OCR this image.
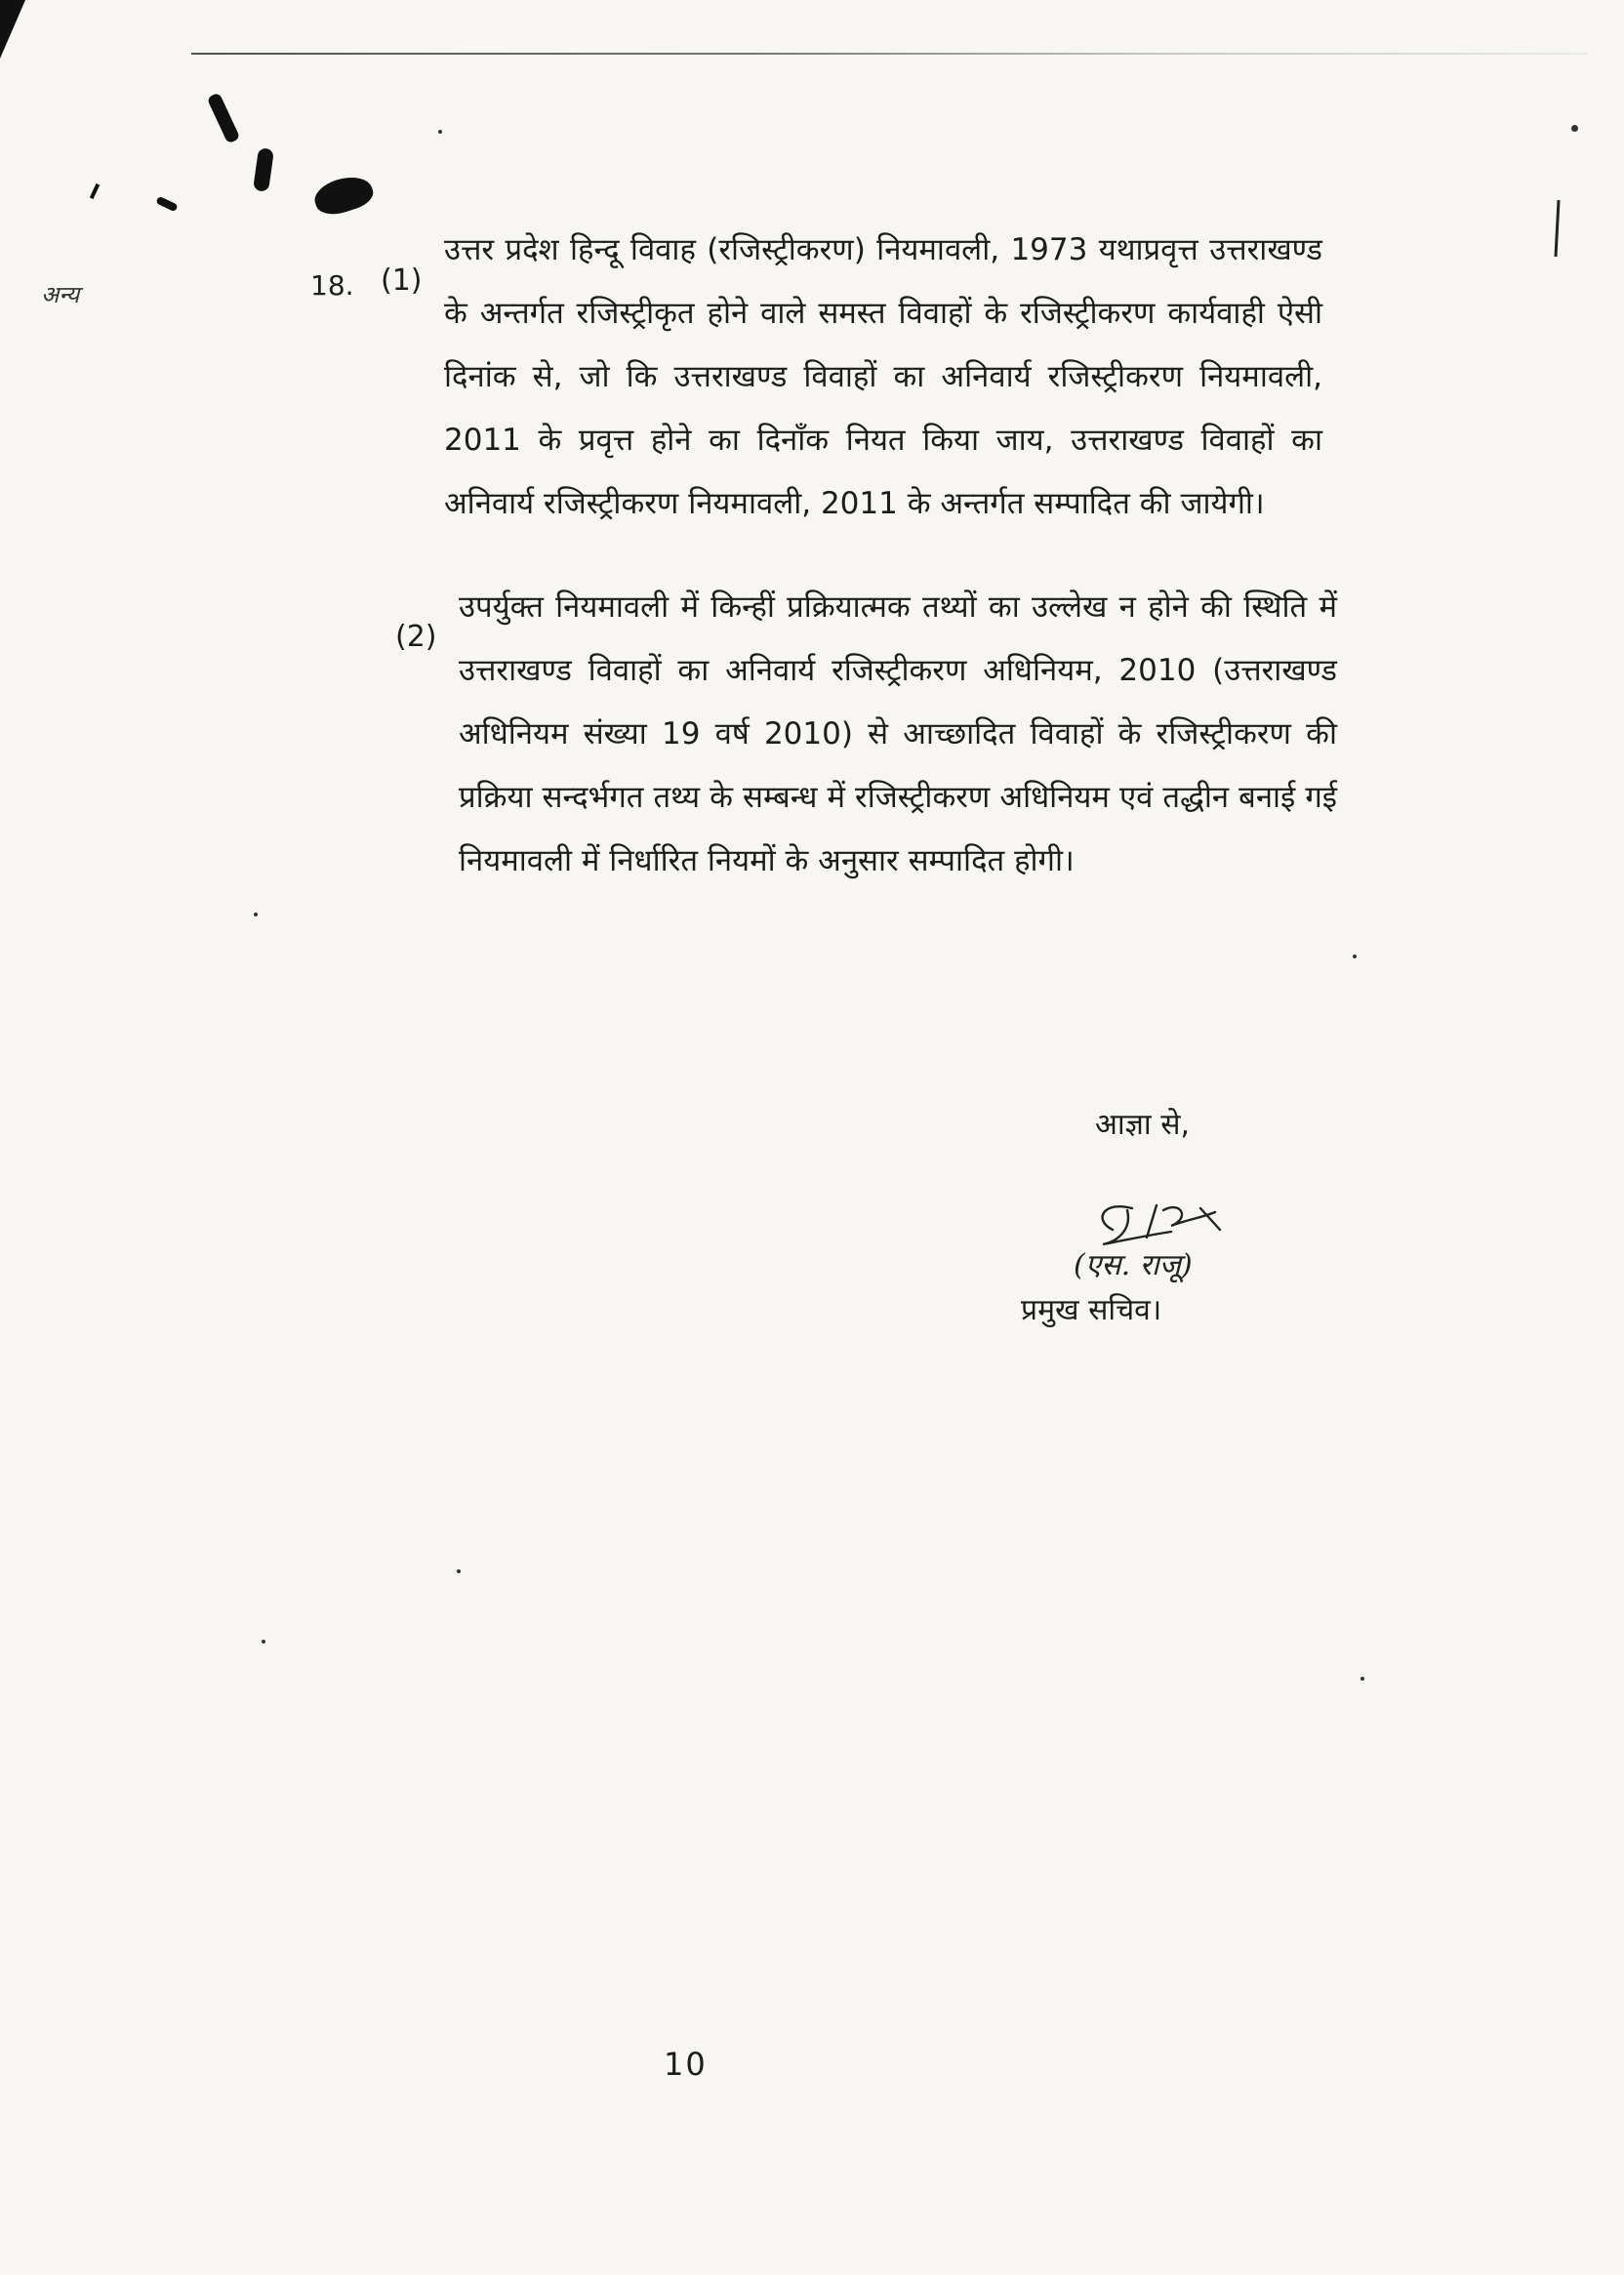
अन्य	18. (1)
उत्तर प्रदेश हिन्दू विवाह (रजिस्ट्रीकरण) नियमावली, 1973 यथाप्रवृत्त उत्तराखण्ड के अन्तर्गत रजिस्ट्रीकृत होने वाले समस्त विवाहों के रजिस्ट्रीकरण कार्यवाही ऐसी दिनांक से, जो कि उत्तराखण्ड विवाहों का अनिवार्य रजिस्ट्रीकरण नियमावली, 2011 के प्रवृत्त होने का दिनाँक नियत किया जाय, उत्तराखण्ड विवाहों का अनिवार्य रजिस्ट्रीकरण नियमावली, 2011 के अन्तर्गत सम्पादित की जायेगी।
(2)
उपर्युक्त नियमावली में किन्हीं प्रक्रियात्मक तथ्यों का उल्लेख न होने की स्थिति में उत्तराखण्ड विवाहों का अनिवार्य रजिस्ट्रीकरण अधिनियम, 2010 (उत्तराखण्ड अधिनियम संख्या 19 वर्ष 2010) से आच्छादित विवाहों के रजिस्ट्रीकरण की प्रक्रिया सन्दर्भगत तथ्य के सम्बन्ध में रजिस्ट्रीकरण अधिनियम एवं तद्धीन बनाई गई नियमावली में निर्धारित नियमों के अनुसार सम्पादित होगी।
आज्ञा से,
(एस. राजू)
प्रमुख सचिव।
10
